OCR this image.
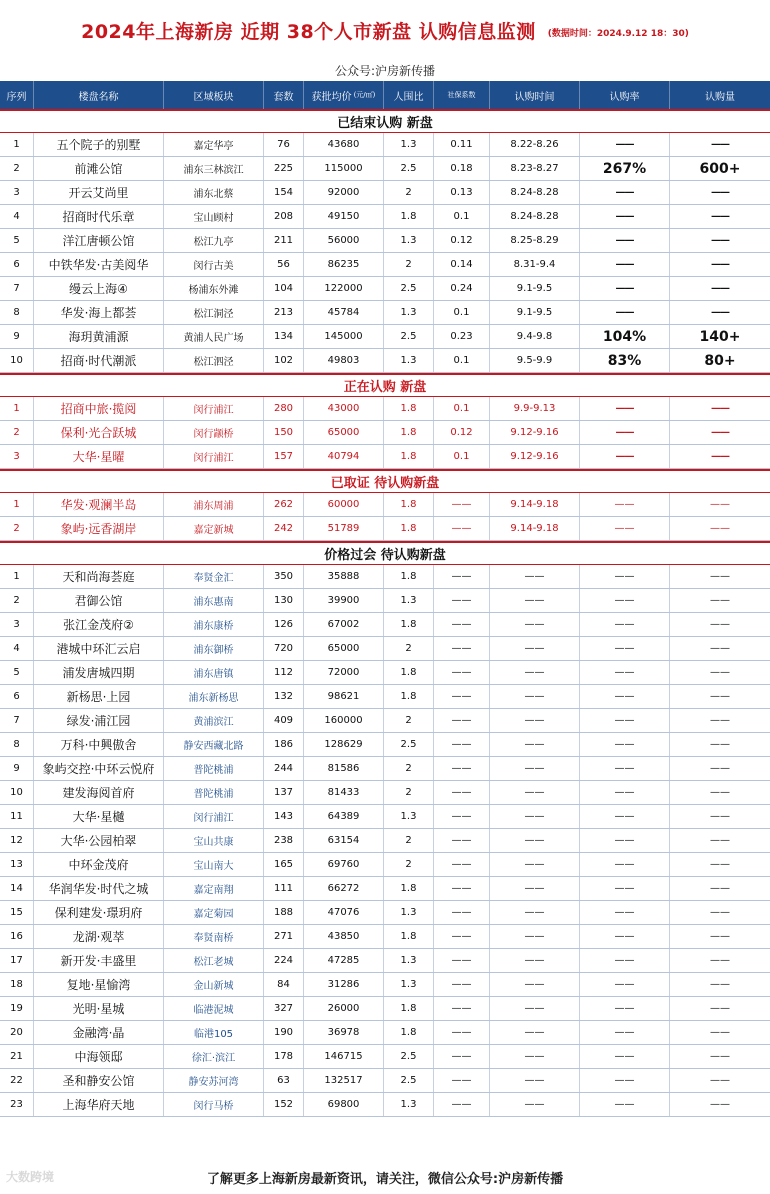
2024年上海新房 近期 38个人市新盘 认购信息监测 (数据时间：2024.9.12 18：30)
公众号:沪房新传播
序列	楼盘名称	区域板块	套数	获批均价 (元/㎡)	人围比	社保系数	认购时间	认购率	认购量
已结束认购 新盘
1	五个院子的别墅	嘉定华亭	76	43680	1.3	0.11	8.22-8.26	——	——
2	前滩公馆	浦东三林滨江	225	115000	2.5	0.18	8.23-8.27	267%	600+
3	开云艾尚里	浦东北蔡	154	92000	2	0.13	8.24-8.28	——	——
4	招商时代乐章	宝山顾村	208	49150	1.8	0.1	8.24-8.28	——	——
5	洋江唐顿公馆	松江九亭	211	56000	1.3	0.12	8.25-8.29	——	——
6	中铁华发·古美阅华	闵行古美	56	86235	2	0.14	8.31-9.4	——	——
7	缦云上海④	杨浦东外滩	104	122000	2.5	0.24	9.1-9.5	——	——
8	华发·海上都荟	松江洞泾	213	45784	1.3	0.1	9.1-9.5	——	——
9	海玥黄浦源	黄浦人民广场	134	145000	2.5	0.23	9.4-9.8	104%	140+
10	招商·时代潮派	松江泗泾	102	49803	1.3	0.1	9.5-9.9	83%	80+
正在认购 新盘
1	招商中旅·揽阅	闵行浦江	280	43000	1.8	0.1	9.9-9.13	——	——
2	保利·光合跃城	闵行颛桥	150	65000	1.8	0.12	9.12-9.16	——	——
3	大华·星曜	闵行浦江	157	40794	1.8	0.1	9.12-9.16	——	——
已取证 待认购新盘
1	华发·观澜半岛	浦东周浦	262	60000	1.8	——	9.14-9.18	——	——
2	象屿·远香湖岸	嘉定新城	242	51789	1.8	——	9.14-9.18	——	——
价格过会 待认购新盘
1	天和尚海荟庭	奉贤金汇	350	35888	1.8	——	——	——	——
2	君御公馆	浦东惠南	130	39900	1.3	——	——	——	——
3	张江金茂府②	浦东康桥	126	67002	1.8	——	——	——	——
4	港城中环汇云启	浦东御桥	720	65000	2	——	——	——	——
5	浦发唐城四期	浦东唐镇	112	72000	1.8	——	——	——	——
6	新杨思·上园	浦东新杨思	132	98621	1.8	——	——	——	——
7	绿发·浦江园	黄浦滨江	409	160000	2	——	——	——	——
8	万科·中興傲舍	静安西藏北路	186	128629	2.5	——	——	——	——
9	象屿交控·中环云悦府	普陀桃浦	244	81586	2	——	——	——	——
10	建发海阅首府	普陀桃浦	137	81433	2	——	——	——	——
11	大华·星樾	闵行浦江	143	64389	1.3	——	——	——	——
12	大华·公园柏翠	宝山共康	238	63154	2	——	——	——	——
13	中环金茂府	宝山南大	165	69760	2	——	——	——	——
14	华润华发·时代之城	嘉定南翔	111	66272	1.8	——	——	——	——
15	保利建发·璟玥府	嘉定菊园	188	47076	1.3	——	——	——	——
16	龙湖·观萃	奉贤南桥	271	43850	1.8	——	——	——	——
17	新开发·丰盛里	松江老城	224	47285	1.3	——	——	——	——
18	复地·星愉湾	金山新城	84	31286	1.3	——	——	——	——
19	光明·星城	临港泥城	327	26000	1.8	——	——	——	——
20	金融湾·晶	临港105	190	36978	1.8	——	——	——	——
21	中海领邸	徐汇·滨江	178	146715	2.5	——	——	——	——
22	圣和静安公馆	静安苏河湾	63	132517	2.5	——	——	——	——
23	上海华府天地	闵行马桥	152	69800	1.3	——	——	——	——
了解更多上海新房最新资讯，请关注，微信公众号:沪房新传播
大数跨境
